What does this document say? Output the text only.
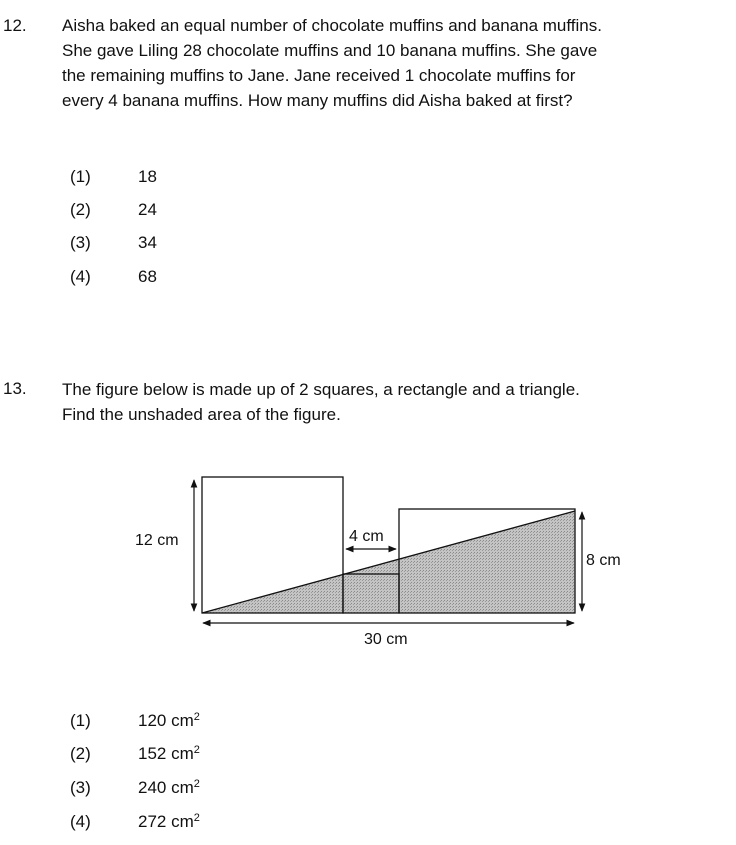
12. Aisha baked an equal number of chocolate muffins and banana muffins.
She gave Liling 28 chocolate muffins and 10 banana muffins. She gave
the remaining muffins to Jane. Jane received 1 chocolate muffins for
every 4 banana muffins. How many muffins did Aisha baked at first?
(1)	18
(2)	24
(3)	34
(4)	68
13. The figure below is made up of 2 squares, a rectangle and a triangle.
Find the unshaded area of the figure.
12 cm	4 cm
8 cm
30 cm
(1)	120 $cm^2$
(2)	152 $cm^2$
(3)	240 $cm^2$
(4)	272 $cm^2$
